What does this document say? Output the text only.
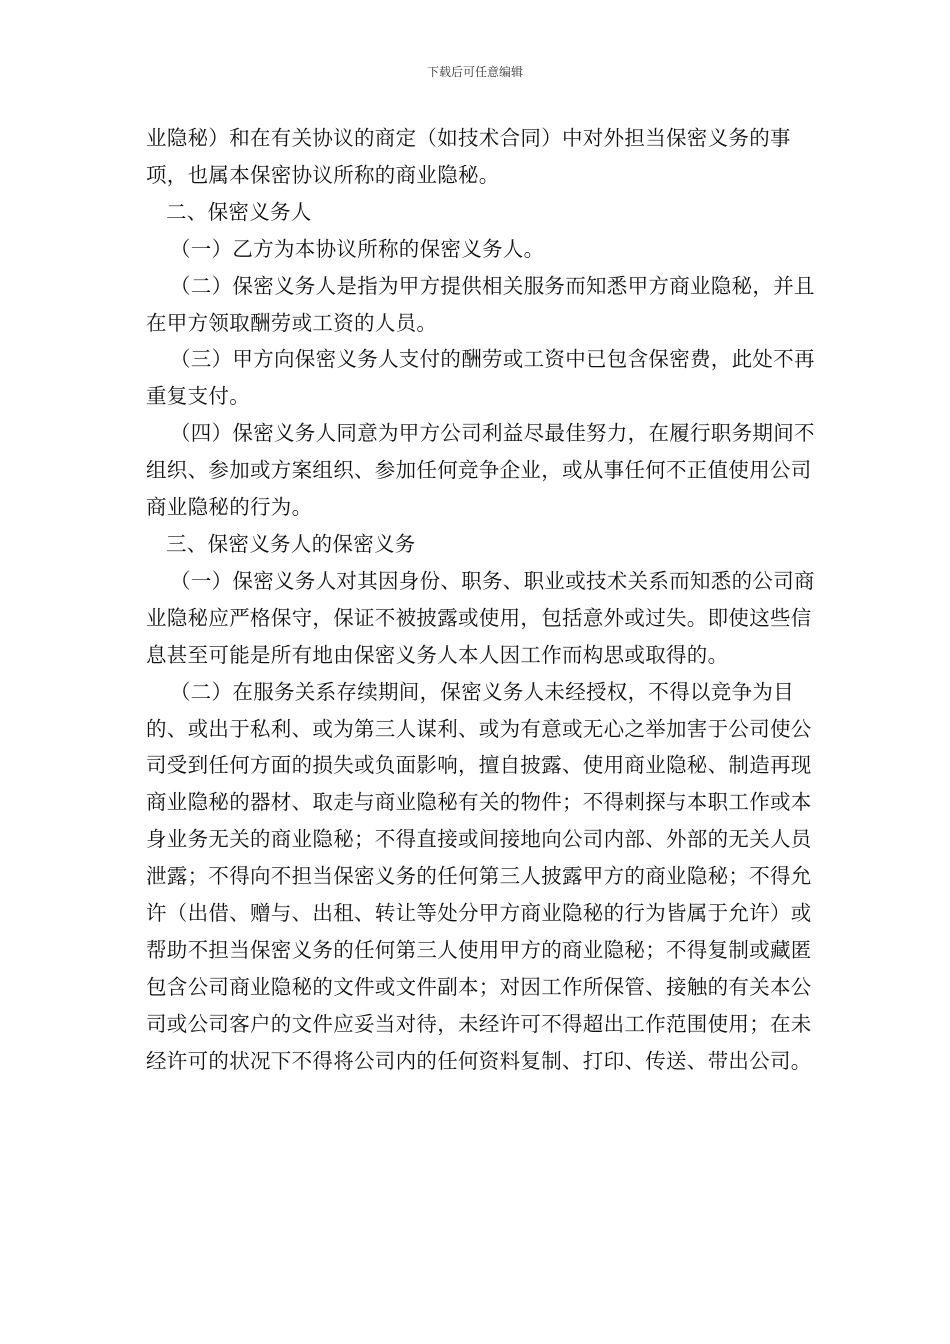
下载后可任意编辑

业隐秘）和在有关协议的商定（如技术合同）中对外担当保密义务的事项，也属本保密协议所称的商业隐秘。

二、保密义务人

（一）乙方为本协议所称的保密义务人。

（二）保密义务人是指为甲方提供相关服务而知悉甲方商业隐秘，并且在甲方领取酬劳或工资的人员。

（三）甲方向保密义务人支付的酬劳或工资中已包含保密费，此处不再重复支付。

（四）保密义务人同意为甲方公司利益尽最佳努力，在履行职务期间不组织、参加或方案组织、参加任何竞争企业，或从事任何不正值使用公司商业隐秘的行为。

三、保密义务人的保密义务

（一）保密义务人对其因身份、职务、职业或技术关系而知悉的公司商业隐秘应严格保守，保证不被披露或使用，包括意外或过失。即使这些信息甚至可能是所有地由保密义务人本人因工作而构思或取得的。

（二）在服务关系存续期间，保密义务人未经授权，不得以竞争为目的、或出于私利、或为第三人谋利、或为有意或无心之举加害于公司使公司受到任何方面的损失或负面影响，擅自披露、使用商业隐秘、制造再现商业隐秘的器材、取走与商业隐秘有关的物件；不得刺探与本职工作或本身业务无关的商业隐秘；不得直接或间接地向公司内部、外部的无关人员泄露；不得向不担当保密义务的任何第三人披露甲方的商业隐秘；不得允许（出借、赠与、出租、转让等处分甲方商业隐秘的行为皆属于允许）或帮助不担当保密义务的任何第三人使用甲方的商业隐秘；不得复制或藏匿包含公司商业隐秘的文件或文件副本；对因工作所保管、接触的有关本公司或公司客户的文件应妥当对待，未经许可不得超出工作范围使用；在未经许可的状况下不得将公司内的任何资料复制、打印、传送、带出公司。
